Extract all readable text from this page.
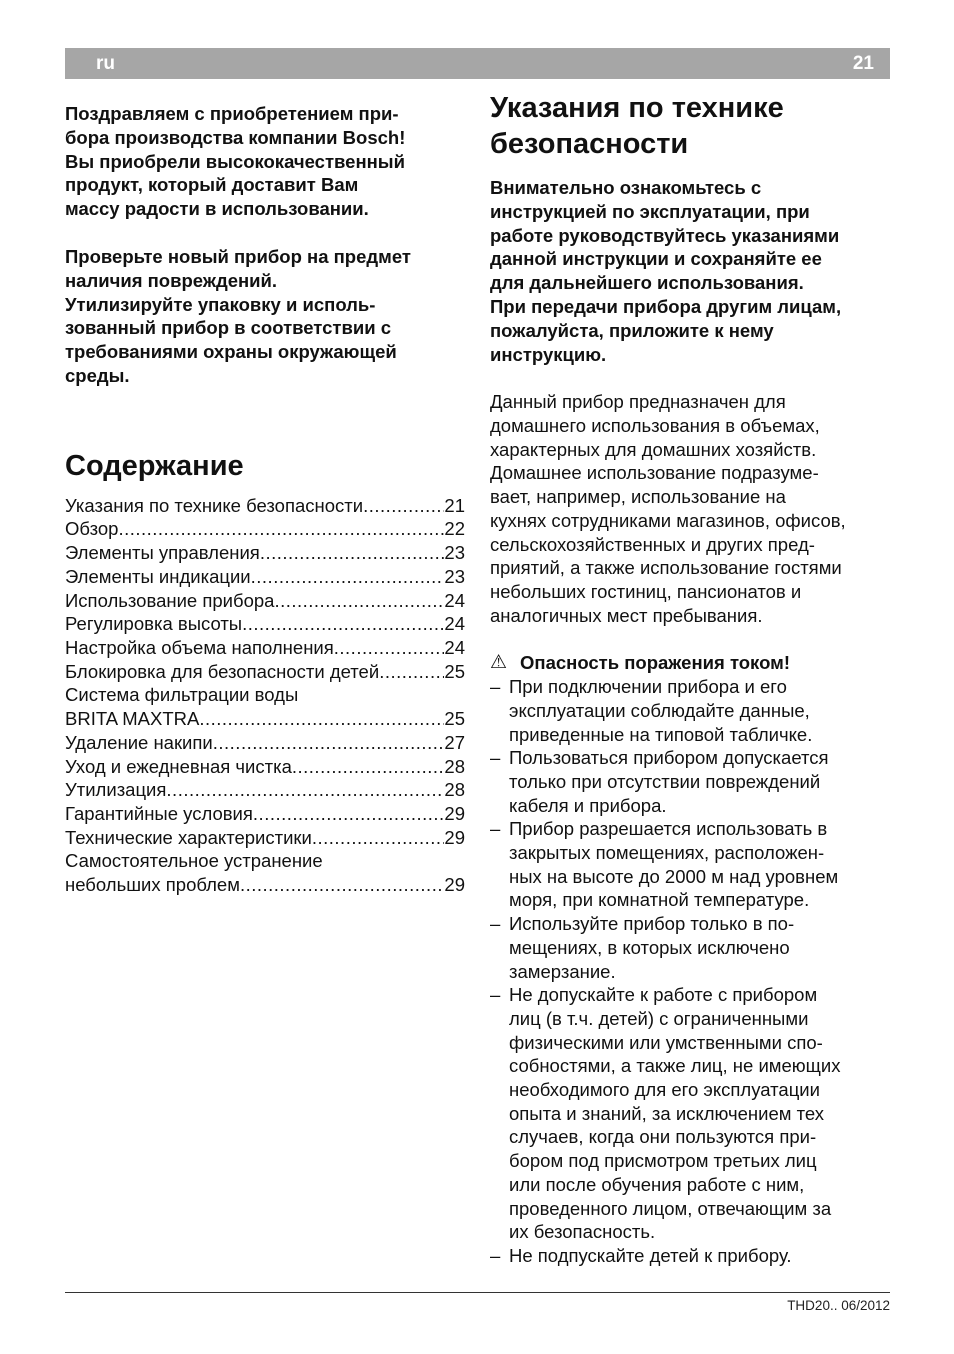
ru	21

Поздравляем с приобретением при-
бора производства компании Bosch!
Вы приобрели высококачественный
продукт, который доставит Вам
массу радости в использовании.

Проверьте новый прибор на предмет
наличия повреждений.
Утилизируйте упаковку и исполь-
зованный прибор в соответствии с
требованиями охраны окружающей
среды.

Содержание
Указания по технике безопасности .....	21
Обзор .....	22
Элементы управления .....	23
Элементы индикации .....	23
Использование прибора .....	24
Регулировка высоты .....	24
Настройка объема наполнения .....	24
Блокировка для безопасности детей .....	25
Система фильтрации воды
BRITA MAXTRA .....	25
Удаление накипи .....	27
Уход и ежедневная чистка .....	28
Утилизация .....	28
Гарантийные условия .....	29
Технические характеристики .....	29
Самостоятельное устранение
небольших проблем .....	29
Указания по технике
безопасности

Внимательно ознакомьтесь с
инструкцией по эксплуатации, при
работе руководствуйтесь указаниями
данной инструкции и сохраняйте ее
для дальнейшего использования.
При передачи прибора другим лицам,
пожалуйста, приложите к нему
инструкцию.

Данный прибор предназначен для
домашнего использования в объемах,
характерных для домашних хозяйств.
Домашнее использование подразуме-
вает, например, использование на
кухнях сотрудниками магазинов, офисов,
сельскохозяйственных и других пред-
приятий, а также использование гостями
небольших гостиниц, пансионатов и
аналогичных мест пребывания.

⚠ Опасность поражения током!
– При подключении прибора и его
эксплуатации соблюдайте данные,
приведенные на типовой табличке.
– Пользоваться прибором допускается
только при отсутствии повреждений
кабеля и прибора.
– Прибор разрешается использовать в
закрытых помещениях, расположен-
ных на высоте до 2000 м над уровнем
моря, при комнатной температуре.
– Используйте прибор только в по-
мещениях, в которых исключено
замерзание.
– Не допускайте к работе с прибором
лиц (в т.ч. детей) с ограниченными
физическими или умственными спо-
собностями, а также лиц, не имеющих
необходимого для его эксплуатации
опыта и знаний, за исключением тех
случаев, когда они пользуются при-
бором под присмотром третьих лиц
или после обучения работе с ним,
проведенного лицом, отвечающим за
их безопасность.
– Не подпускайте детей к прибору.
THD20.. 06/2012
